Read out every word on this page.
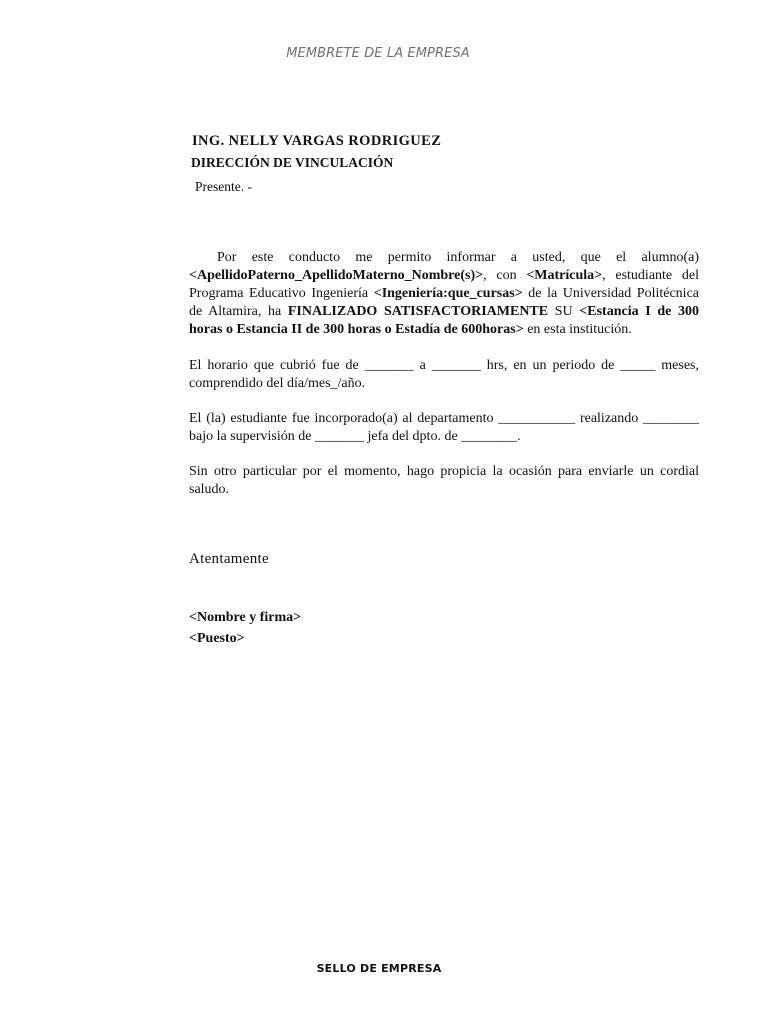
MEMBRETE DE LA EMPRESA
ING. NELLY VARGAS RODRIGUEZ
DIRECCIÓN DE VINCULACIÓN
Presente. -

Por este conducto me permito informar a usted, que el alumno(a) <ApellidoPaterno_ApellidoMaterno_Nombre(s)>, con <Matrícula>, estudiante del Programa Educativo Ingeniería <Ingeniería:que_cursas> de la Universidad Politécnica de Altamira, ha FINALIZADO SATISFACTORIAMENTE SU <Estancia I de 300 horas o Estancia II de 300 horas o Estadía de 600horas> en esta institución.

El horario que cubrió fue de _______ a _______ hrs, en un periodo de _____ meses, comprendido del día/mes_/año.

El (la) estudiante fue incorporado(a) al departamento ___________ realizando ________ bajo la supervisión de _______ jefa del dpto. de ________.

Sin otro particular por el momento, hago propicia la ocasión para enviarle un cordial saludo.

Atentamente
<Nombre y firma>
<Puesto>
SELLO DE EMPRESA
